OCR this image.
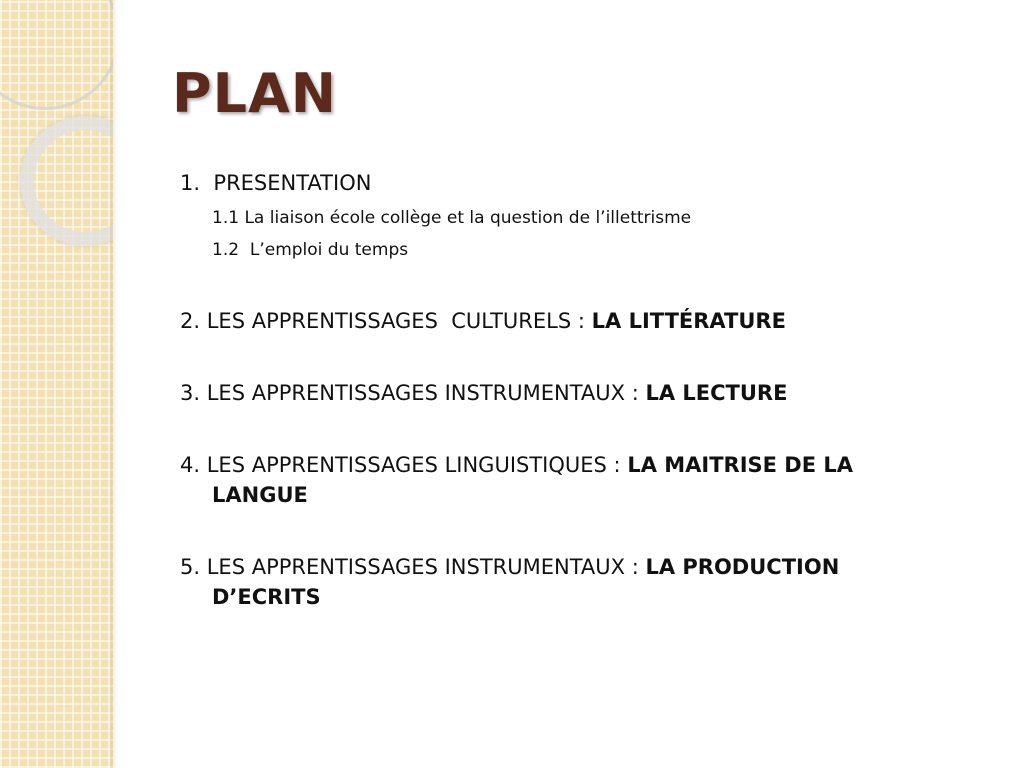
PLAN
1. PRESENTATION
1.1 La liaison école collège et la question de l’illettrisme
1.2 L’emploi du temps
2. LES APPRENTISSAGES  CULTURELS : LA LITTÉRATURE
3. LES APPRENTISSAGES INSTRUMENTAUX : LA LECTURE
4. LES APPRENTISSAGES LINGUISTIQUES : LA MAITRISE DE LA LANGUE
5. LES APPRENTISSAGES INSTRUMENTAUX : LA PRODUCTION D’ECRITS
